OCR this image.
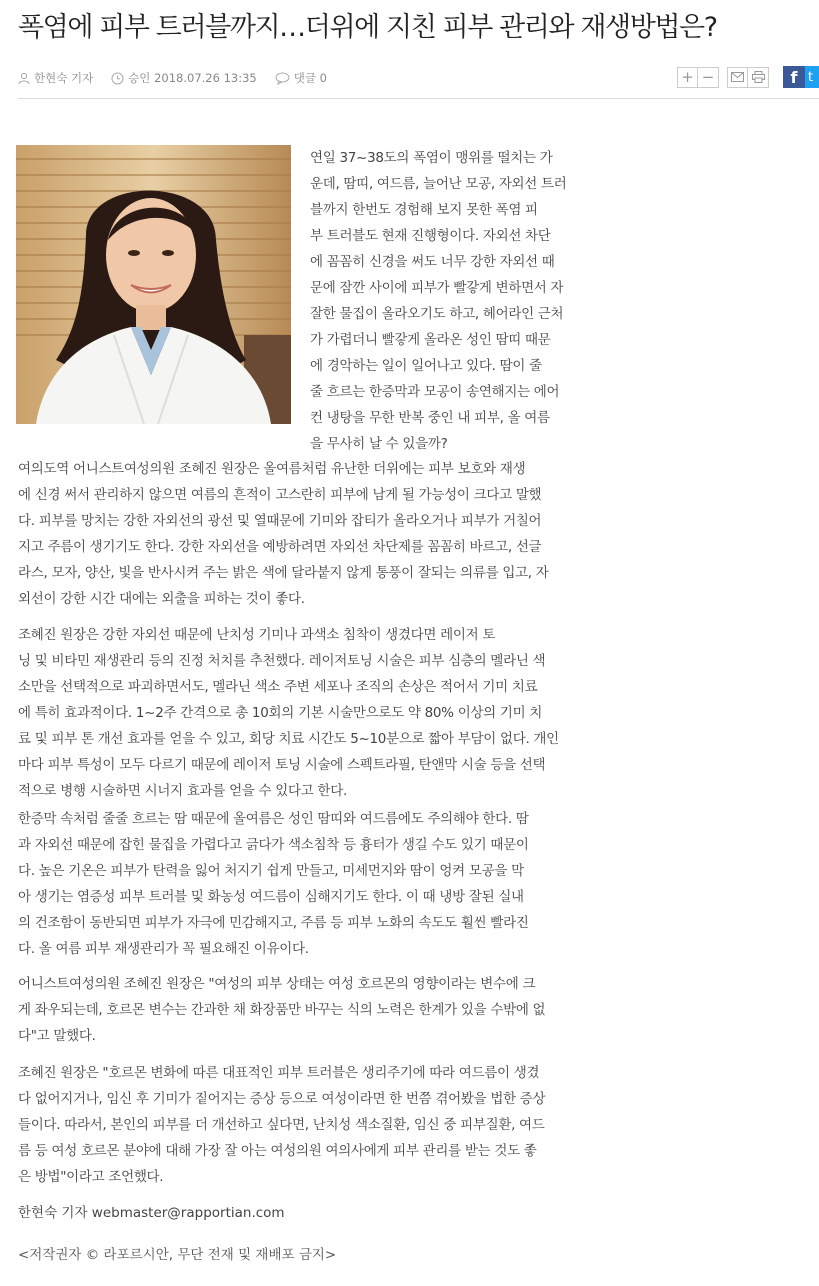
폭염에 피부 트러블까지…더위에 지친 피부 관리와 재생방법은?
한현숙 기자	승인 2018.07.26 13:35	댓글 0	+ −	f t
연일 37~38도의 폭염이 맹위를 떨치는 가
운데, 땀띠, 여드름, 늘어난 모공, 자외선 트러
블까지 한번도 경험해 보지 못한 폭염 피
부 트러블도 현재 진행형이다. 자외선 차단
에 꼼꼼히 신경을 써도 너무 강한 자외선 때
문에 잠깐 사이에 피부가 빨갛게 변하면서 자
잘한 물집이 올라오기도 하고, 헤어라인 근처
가 가렵더니 빨갛게 올라온 성인 땀띠 때문
에 경악하는 일이 일어나고 있다. 땀이 줄
줄 흐르는 한증막과 모공이 송연해지는 에어
컨 냉탕을 무한 반복 중인 내 피부, 올 여름
을 무사히 날 수 있을까?
여의도역 어니스트여성의원 조혜진 원장은 올여름처럼 유난한 더위에는 피부 보호와 재생
에 신경 써서 관리하지 않으면 여름의 흔적이 고스란히 피부에 남게 될 가능성이 크다고 말했
다. 피부를 망치는 강한 자외선의 광선 및 열때문에 기미와 잡티가 올라오거나 피부가 거칠어
지고 주름이 생기기도 한다. 강한 자외선을 예방하려면 자외선 차단제를 꼼꼼히 바르고, 선글
라스, 모자, 양산, 빛을 반사시켜 주는 밝은 색에 달라붙지 않게 통풍이 잘되는 의류를 입고, 자
외선이 강한 시간 대에는 외출을 피하는 것이 좋다.
조혜진 원장은 강한 자외선 때문에 난치성 기미나 과색소 침착이 생겼다면 레이저 토
닝 및 비타민 재생관리 등의 진정 처치를 추천했다. 레이저토닝 시술은 피부 심층의 멜라닌 색
소만을 선택적으로 파괴하면서도, 멜라닌 색소 주변 세포나 조직의 손상은 적어서 기미 치료
에 특히 효과적이다. 1~2주 간격으로 총 10회의 기본 시술만으로도 약 80% 이상의 기미 치
료 및 피부 톤 개선 효과를 얻을 수 있고, 회당 치료 시간도 5~10분으로 짧아 부담이 없다. 개인
마다 피부 특성이 모두 다르기 때문에 레이저 토닝 시술에 스펙트라필, 탄앤막 시술 등을 선택
적으로 병행 시술하면 시너지 효과를 얻을 수 있다고 한다.
한증막 속처럼 줄줄 흐르는 땀 때문에 올여름은 성인 땀띠와 여드름에도 주의해야 한다. 땀
과 자외선 때문에 잡힌 물집을 가렵다고 긁다가 색소침착 등 흉터가 생길 수도 있기 때문이
다. 높은 기온은 피부가 탄력을 잃어 처지기 쉽게 만들고, 미세먼지와 땀이 엉켜 모공을 막
아 생기는 염증성 피부 트러블 및 화농성 여드름이 심해지기도 한다. 이 때 냉방 잘된 실내
의 건조함이 동반되면 피부가 자극에 민감해지고, 주름 등 피부 노화의 속도도 훨씬 빨라진
다. 올 여름 피부 재생관리가 꼭 필요해진 이유이다.
어니스트여성의원 조혜진 원장은 "여성의 피부 상태는 여성 호르몬의 영향이라는 변수에 크
게 좌우되는데, 호르몬 변수는 간과한 채 화장품만 바꾸는 식의 노력은 한계가 있을 수밖에 없
다"고 말했다.
조혜진 원장은 "호르몬 변화에 따른 대표적인 피부 트러블은 생리주기에 따라 여드름이 생겼
다 없어지거나, 임신 후 기미가 짙어지는 증상 등으로 여성이라면 한 번쯤 겪어봤을 법한 증상
들이다. 따라서, 본인의 피부를 더 개선하고 싶다면, 난치성 색소질환, 임신 중 피부질환, 여드
름 등 여성 호르몬 분야에 대해 가장 잘 아는 여성의원 여의사에게 피부 관리를 받는 것도 좋
은 방법"이라고 조언했다.
한현숙 기자 webmaster@rapportian.com
<저작권자 © 라포르시안, 무단 전재 및 재배포 금지>
